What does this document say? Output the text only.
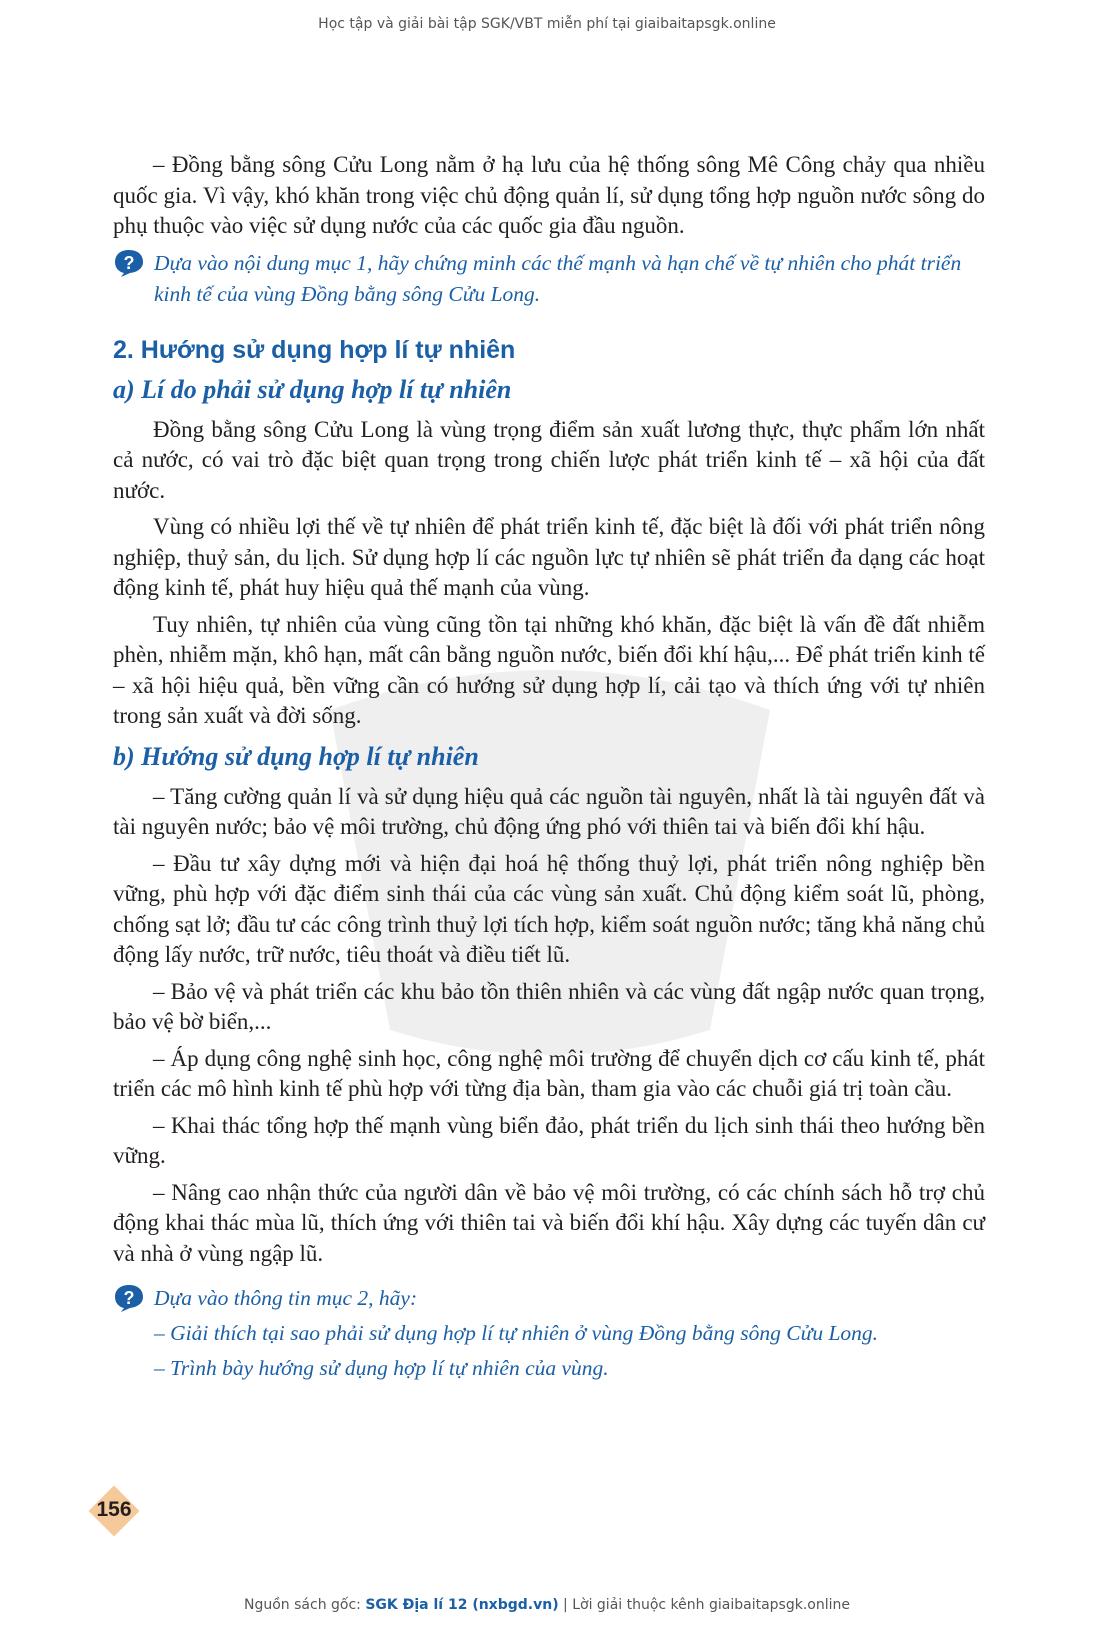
Học tập và giải bài tập SGK/VBT miễn phí tại giaibaitapsgk.online

– Đồng bằng sông Cửu Long nằm ở hạ lưu của hệ thống sông Mê Công chảy qua nhiều quốc gia. Vì vậy, khó khăn trong việc chủ động quản lí, sử dụng tổng hợp nguồn nước sông do phụ thuộc vào việc sử dụng nước của các quốc gia đầu nguồn.

? Dựa vào nội dung mục 1, hãy chứng minh các thế mạnh và hạn chế về tự nhiên cho phát triển kinh tế của vùng Đồng bằng sông Cửu Long.

2. Hướng sử dụng hợp lí tự nhiên
a) Lí do phải sử dụng hợp lí tự nhiên

Đồng bằng sông Cửu Long là vùng trọng điểm sản xuất lương thực, thực phẩm lớn nhất cả nước, có vai trò đặc biệt quan trọng trong chiến lược phát triển kinh tế – xã hội của đất nước.

Vùng có nhiều lợi thế về tự nhiên để phát triển kinh tế, đặc biệt là đối với phát triển nông nghiệp, thuỷ sản, du lịch. Sử dụng hợp lí các nguồn lực tự nhiên sẽ phát triển đa dạng các hoạt động kinh tế, phát huy hiệu quả thế mạnh của vùng.

Tuy nhiên, tự nhiên của vùng cũng tồn tại những khó khăn, đặc biệt là vấn đề đất nhiễm phèn, nhiễm mặn, khô hạn, mất cân bằng nguồn nước, biến đổi khí hậu,... Để phát triển kinh tế – xã hội hiệu quả, bền vững cần có hướng sử dụng hợp lí, cải tạo và thích ứng với tự nhiên trong sản xuất và đời sống.

b) Hướng sử dụng hợp lí tự nhiên

– Tăng cường quản lí và sử dụng hiệu quả các nguồn tài nguyên, nhất là tài nguyên đất và tài nguyên nước; bảo vệ môi trường, chủ động ứng phó với thiên tai và biến đổi khí hậu.

– Đầu tư xây dựng mới và hiện đại hoá hệ thống thuỷ lợi, phát triển nông nghiệp bền vững, phù hợp với đặc điểm sinh thái của các vùng sản xuất. Chủ động kiểm soát lũ, phòng, chống sạt lở; đầu tư các công trình thuỷ lợi tích hợp, kiểm soát nguồn nước; tăng khả năng chủ động lấy nước, trữ nước, tiêu thoát và điều tiết lũ.

– Bảo vệ và phát triển các khu bảo tồn thiên nhiên và các vùng đất ngập nước quan trọng, bảo vệ bờ biển,...

– Áp dụng công nghệ sinh học, công nghệ môi trường để chuyển dịch cơ cấu kinh tế, phát triển các mô hình kinh tế phù hợp với từng địa bàn, tham gia vào các chuỗi giá trị toàn cầu.

– Khai thác tổng hợp thế mạnh vùng biển đảo, phát triển du lịch sinh thái theo hướng bền vững.

– Nâng cao nhận thức của người dân về bảo vệ môi trường, có các chính sách hỗ trợ chủ động khai thác mùa lũ, thích ứng với thiên tai và biến đổi khí hậu. Xây dựng các tuyến dân cư và nhà ở vùng ngập lũ.

? Dựa vào thông tin mục 2, hãy:

– Giải thích tại sao phải sử dụng hợp lí tự nhiên ở vùng Đồng bằng sông Cửu Long.

– Trình bày hướng sử dụng hợp lí tự nhiên của vùng.

156
Nguồn sách gốc: SGK Địa lí 12 (nxbgd.vn) | Lời giải thuộc kênh giaibaitapsgk.online
